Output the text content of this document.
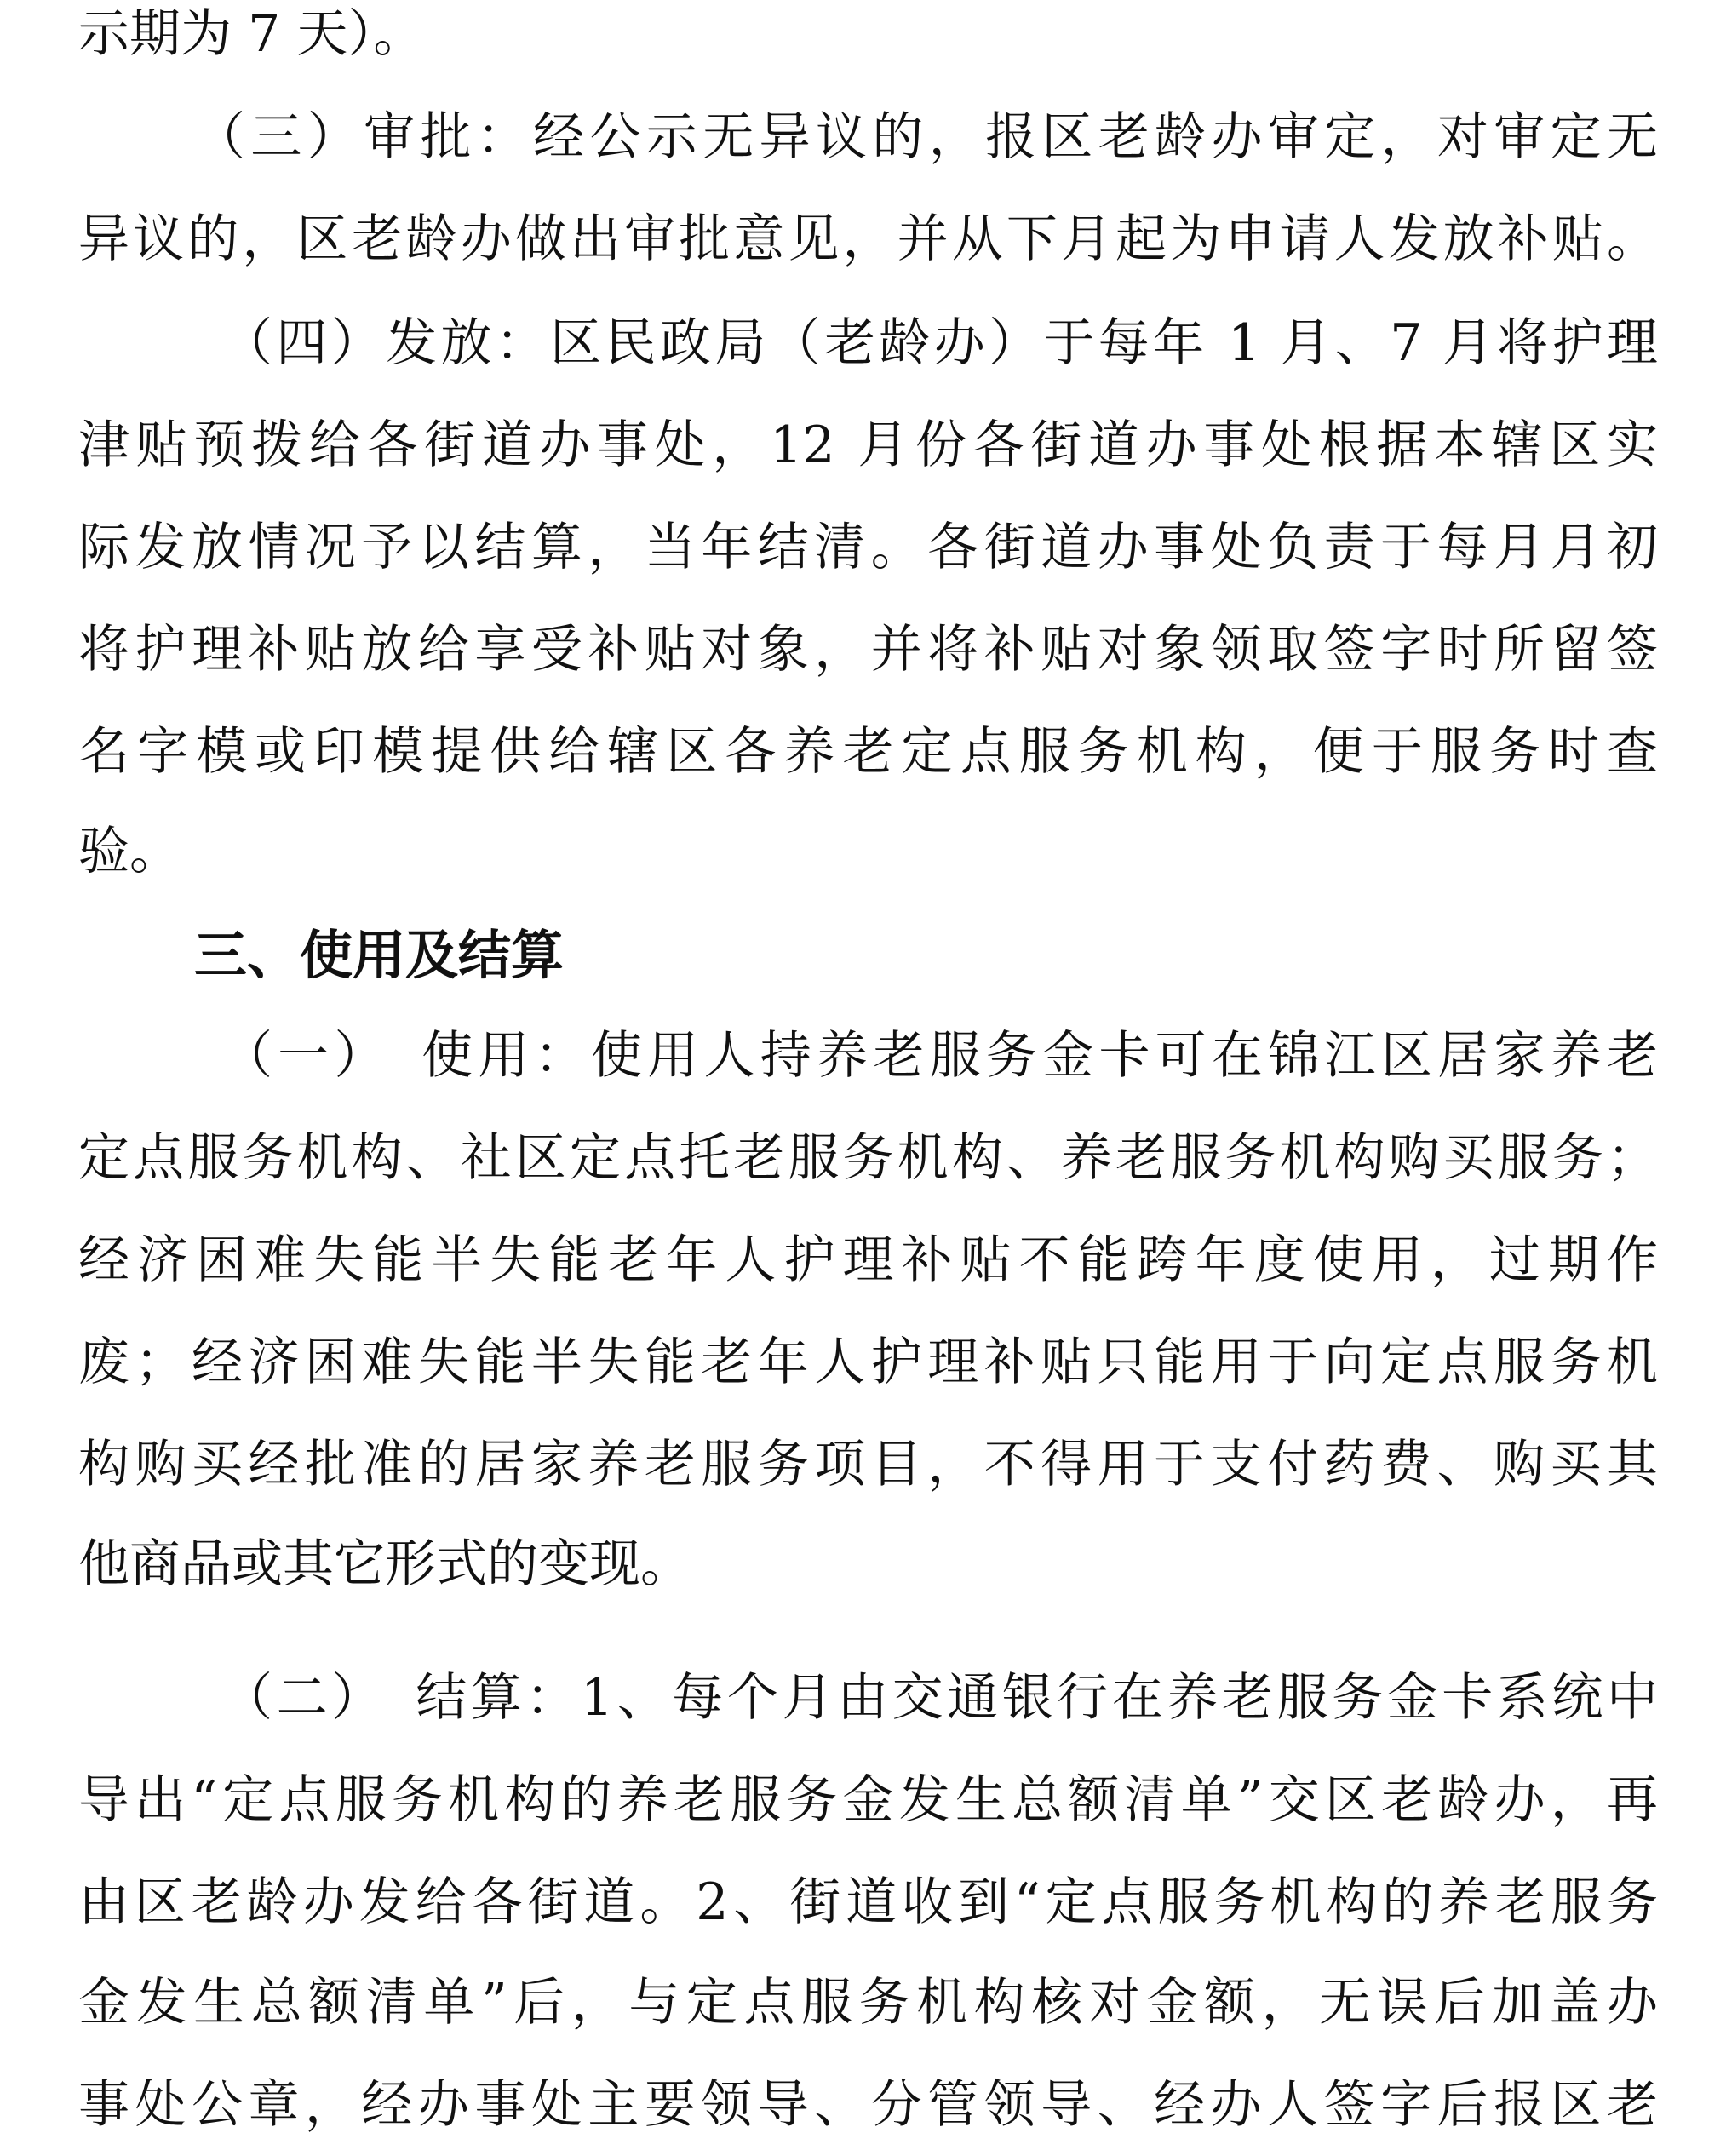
示期为 7 天）。
（三）审批：经公示无异议的，报区老龄办审定，对审定无
异议的，区老龄办做出审批意见，并从下月起为申请人发放补贴。
（四）发放：区民政局（老龄办）于每年 1 月、7 月将护理
津贴预拨给各街道办事处，12 月份各街道办事处根据本辖区实
际发放情况予以结算，当年结清。各街道办事处负责于每月月初
将护理补贴放给享受补贴对象，并将补贴对象领取签字时所留签
名字模或印模提供给辖区各养老定点服务机构，便于服务时查
验。
三、使用及结算
（一）　使用：使用人持养老服务金卡可在锦江区居家养老
定点服务机构、社区定点托老服务机构、养老服务机构购买服务；
经济困难失能半失能老年人护理补贴不能跨年度使用，过期作
废；经济困难失能半失能老年人护理补贴只能用于向定点服务机
构购买经批准的居家养老服务项目，不得用于支付药费、购买其
他商品或其它形式的变现。
（二）　结算：1、每个月由交通银行在养老服务金卡系统中
导出“定点服务机构的养老服务金发生总额清单”交区老龄办，再
由区老龄办发给各街道。2、街道收到“定点服务机构的养老服务
金发生总额清单”后，与定点服务机构核对金额，无误后加盖办
事处公章，经办事处主要领导、分管领导、经办人签字后报区老
